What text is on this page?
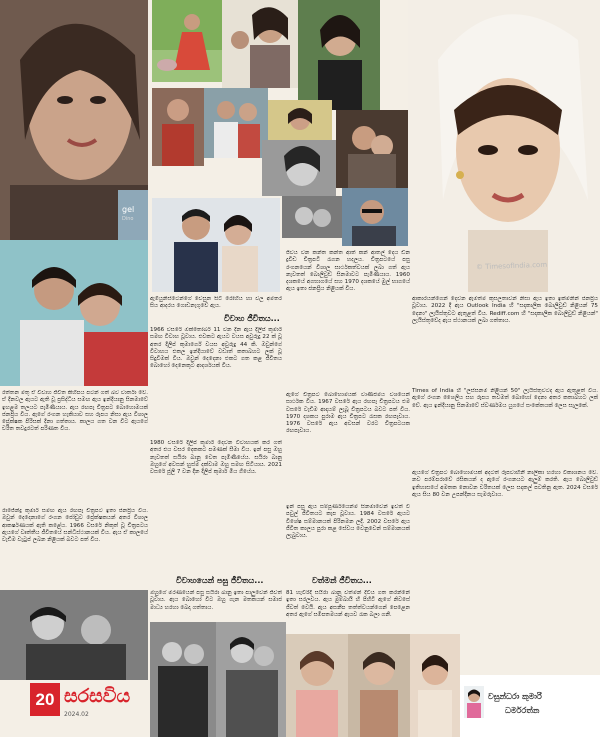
gel
Dino
© TimesofIndia.com
රත්තන මතු ඒ විවාහ ජීවිත කිහිපය පටන් ගත් බව වාර්තා වේ. ඒ දිනවල ඇයට ඇති වූ ප්‍රසිද්ධිය සමඟ ඇය ඉන්දියානු සිනමාවේ ඉහළම තලයට පැමිණියාය. ඇය රඟපෑ චිත්‍රපට බොහොමයක් ජනප්‍රිය විය. ඇගේ රංගන හැකියාව සහ රූපය නිසා ඇය විශාල ප්‍රේක්ෂක පිරිසක් දිනා ගත්තාය. කාලය ගත වන විට ඇයගේ චරිත තවදුරටත් පරිණත විය.
රාජේන්ද්‍ර කුමාර් සමඟ ඇය රඟපෑ චිත්‍රපට ඉතා ජනප්‍රිය විය. ඔවුන් දෙදෙනාගේ රංගන ජෝඩුව ප්‍රේක්ෂකයන් අතර විශාල ආකර්ෂණයක් ඇති කළේය. 1966 වසරේ නිකුත් වූ චිත්‍රපටය ඇයගේ වෘත්තීය ජීවිතයේ සන්ධිස්ථානයක් විය. ඇය ඒ කාලයේ වැඩිම වැටුප් ලබන නිළියක් බවට පත් විය.
ඇමියුනිස්ටෙන්ගේ වෙසුන සිටි රෝහිය හා වල අමතර සිය ආදරය ගොඩනැගුවේ ඇය.
විවාහ ජීවිතය...
1966 වසරේ ඔක්තෝබර් 11 වන දින ඇය දිලිප් කුමාර් සමඟ විවාහ වූවාය. එවකට ඇයට වයස අවුරුදු 22 ක් වූ අතර දිලිප් කුමාර්ගේ වයස අවුරුදු 44 කි. ඔවුන්ගේ විවාහය එකල ඉන්දියාවේ වඩාත් කතාබහට ලක් වූ සිදුවීමක් විය. ඔවුන් දෙදෙනා එකට ගත කළ ජීවිතය බොහෝ දෙනෙකුට ආදර්ශයක් විය.
1980 වසරේ දිලිප් කුමාර් දෙවන විවාහයක් කර ගත් අතර එය වසර දෙකකට පමණක් සීමා විය. ඉන් පසු ඔහු නැවතත් සයිරා බානු වෙත පැමිණියේය. සයිරා බානු ඔහුගේ අවසන් හුස්ම දක්වාම ඔහු සමඟ සිටියාය. 2021 වසරේ ජූලි 7 වන දින දිලිප් කුමාර් මිය ගියේය.
විවාහයෙන් පසු ජීවිතය...
ඔහුගේ මරණයෙන් පසු සයිරා බානු ඉතා පාලුවෙන් ජීවත් වූවාය. ඇය බොහෝ විට ඔහු ගැන මතකයන් සමාජ මාධ්‍ය හරහා බෙදා ගත්තාය.
ජීවය වන කන්ත කන්ත ආත් කන් ආතල් දෙය ඩින ද්‍රවිඩ චිත්‍රපටි රැගන හදලය. චිත්‍රපටයේ පසු රංගනයෙන් විශාල සාර්ථකත්වයක් ලබා ගත් ඇය නැවතත් බොලිවුඩ් සිනමාවට පැමිණියාය. 1960 දශකයේ අගභාගයේ සහ 1970 දශකයේ මුල් භාගයේ ඇය ඉතා ජනප්‍රිය නිළියක් විය.
ඇගේ චිත්‍රපට බොහොමයක් වාණිජමය වශයෙන් සාර්ථක විය. 1967 වසරේ ඇය රඟපෑ චිත්‍රපටය එම වසරේ වැඩිම ආදායම් ලැබූ චිත්‍රපටය බවට පත් විය. 1970 දශකය පුරාම ඇය චිත්‍රපට රැසක රඟපෑවාය. 1976 වසරේ ඇය අවසන් වරට චිත්‍රපටයක රඟපෑවාය.
ඉන් පසු ඇය සම්පූර්ණයෙන්ම සිනමාවෙන් ඉවත් වී පවුල් ජීවිතයට කැප වූවාය. 1984 වසරේ ඇයට විශේෂ සම්මානයක් පිරිනමන ලදී. 2002 වසරේ ඇය ජීවිත කාලය පුරා කළ සේවය වෙනුවෙන් සම්මානයක් ලැබුවාය.
වත්මන් ජීවිතය...
81 හැවිරිදි සයිරා බානු වත්මන් දිවිය ගත කරන්නේ ඉතා සරලවය. ඇය මුම්බායි හි පිහිටි ඇගේ නිවසේ ජීවත් වෙයි. ඇය අසනීප තත්ත්වයන්ගෙන් පෙළෙන අතර ඇගේ සමීපතමයන් ඇයව රැක බලා ගනී.
ආකාරයන්ගෙන් දෙවන ඇමත්ම කුසලතාවන් නිසා ඇය ඉතා ඉක්මනින් ජනප්‍රිය වූවාය. 2022 දී ඇය Outlook India හි "සදාකාලික බොලිවුඩ් නිළියන් 75 දෙනා" ලැයිස්තුවට ඇතුළත් විය. Rediff.com හි "සදාකාලික බොලිවුඩ් නිළියන්" ලැයිස්තුවේද ඇය ස්ථානයක් ලබා ගත්තාය.
Times of India හි "ලස්සනම නිළියන් 50" ලැයිස්තුවටද ඇය ඇතුළත් විය. ඇගේ රංගන ශෛලිය සහ රූපය තවමත් බොහෝ දෙනා අතර කතාබහට ලක් වේ. ඇය ඉන්දියානු සිනමාවේ ස්වර්ණමය යුගයේ සංකේතයක් ලෙස සැලකේ.
ඇයගේ චිත්‍රපට බොහොමයක් අදටත් රූපවාහිනී නාලිකා හරහා විකාශනය වේ. නව පරම්පරාවේ රසිකයන් ද ඇගේ රංගනයට ඇලුම් කරති. ඇය බොලිවුඩ් ඉතිහාසයේ අමතක නොවන චරිතයක් ලෙස සදාකල් පවතිනු ඇත. 2024 වසරේ ඇය සිය 80 වන උපන්දිනය සැමරුවාය.
20 සරසවිය
2024.02
වසුන්ධරා කුමාරි
ධර්මරත්න
